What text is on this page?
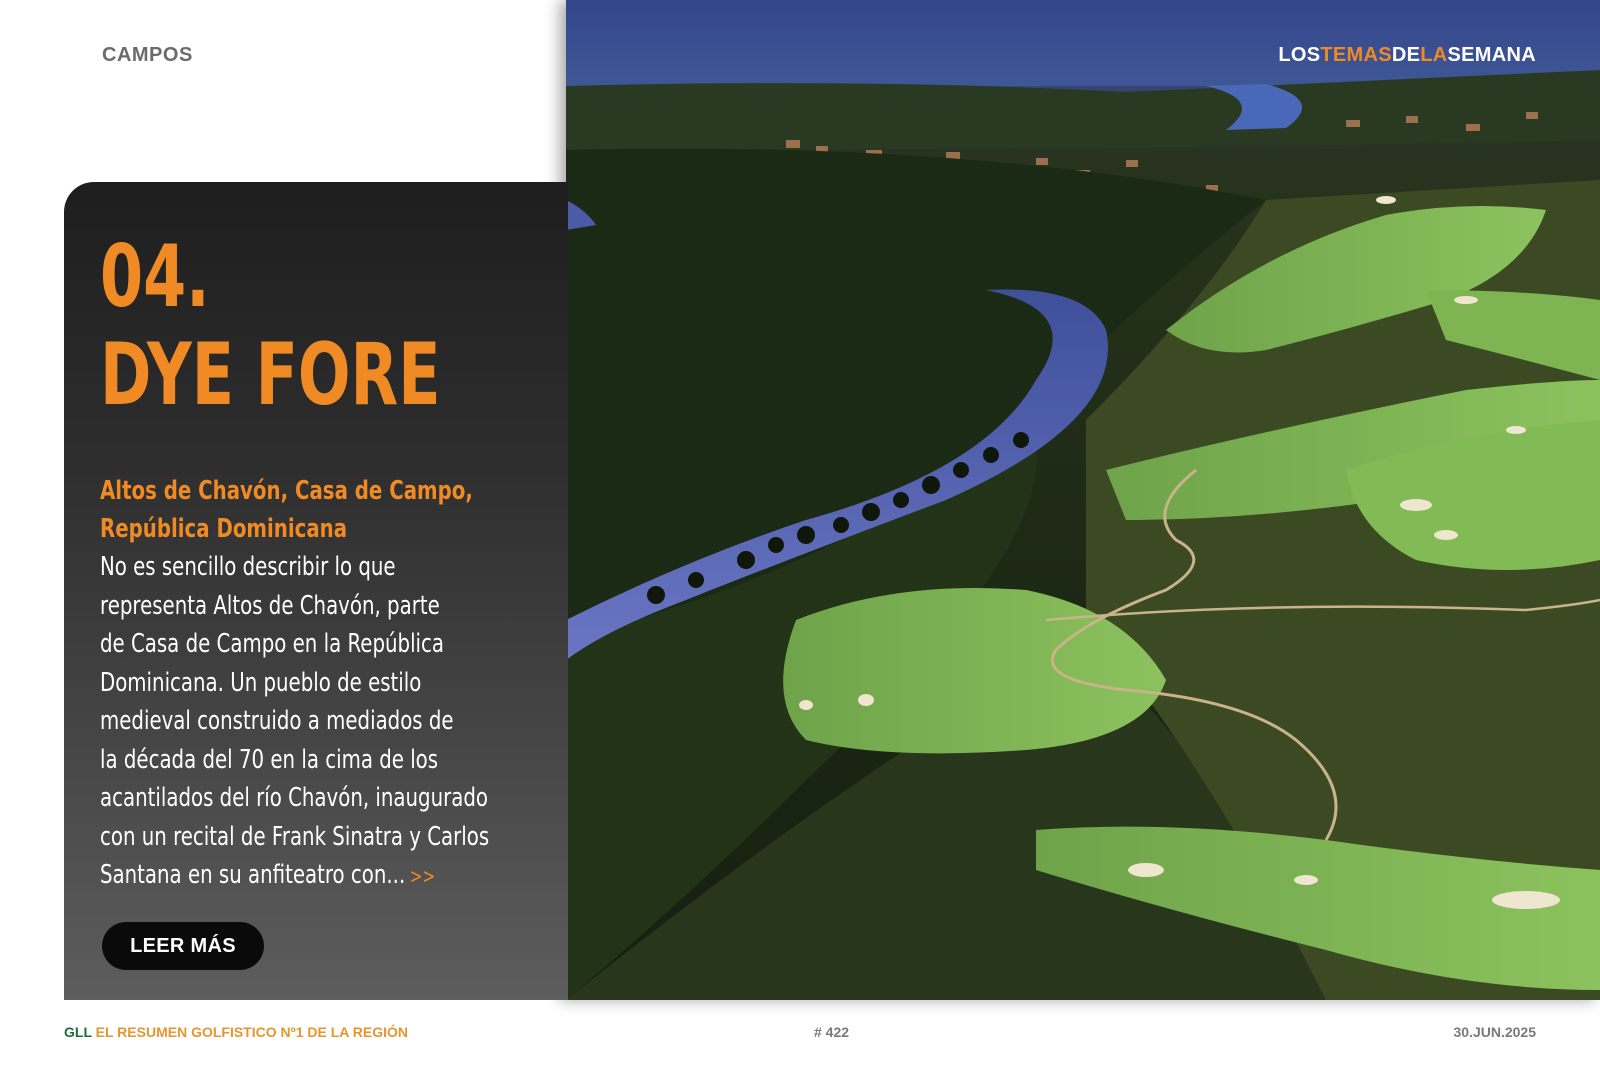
CAMPOS	LOSTEMASDELASEMANA
04.
DYE FORE
Altos de Chavón, Casa de Campo,
República Dominicana
No es sencillo describir lo que
representa Altos de Chavón, parte
de Casa de Campo en la República
Dominicana. Un pueblo de estilo
medieval construido a mediados de
la década del 70 en la cima de los
acantilados del río Chavón, inaugurado
con un recital de Frank Sinatra y Carlos
Santana en su anfiteatro con... >>
LEER MÁS
GLL EL RESUMEN GOLFISTICO Nº1 DE LA REGIÓN	# 422	30.JUN.2025
